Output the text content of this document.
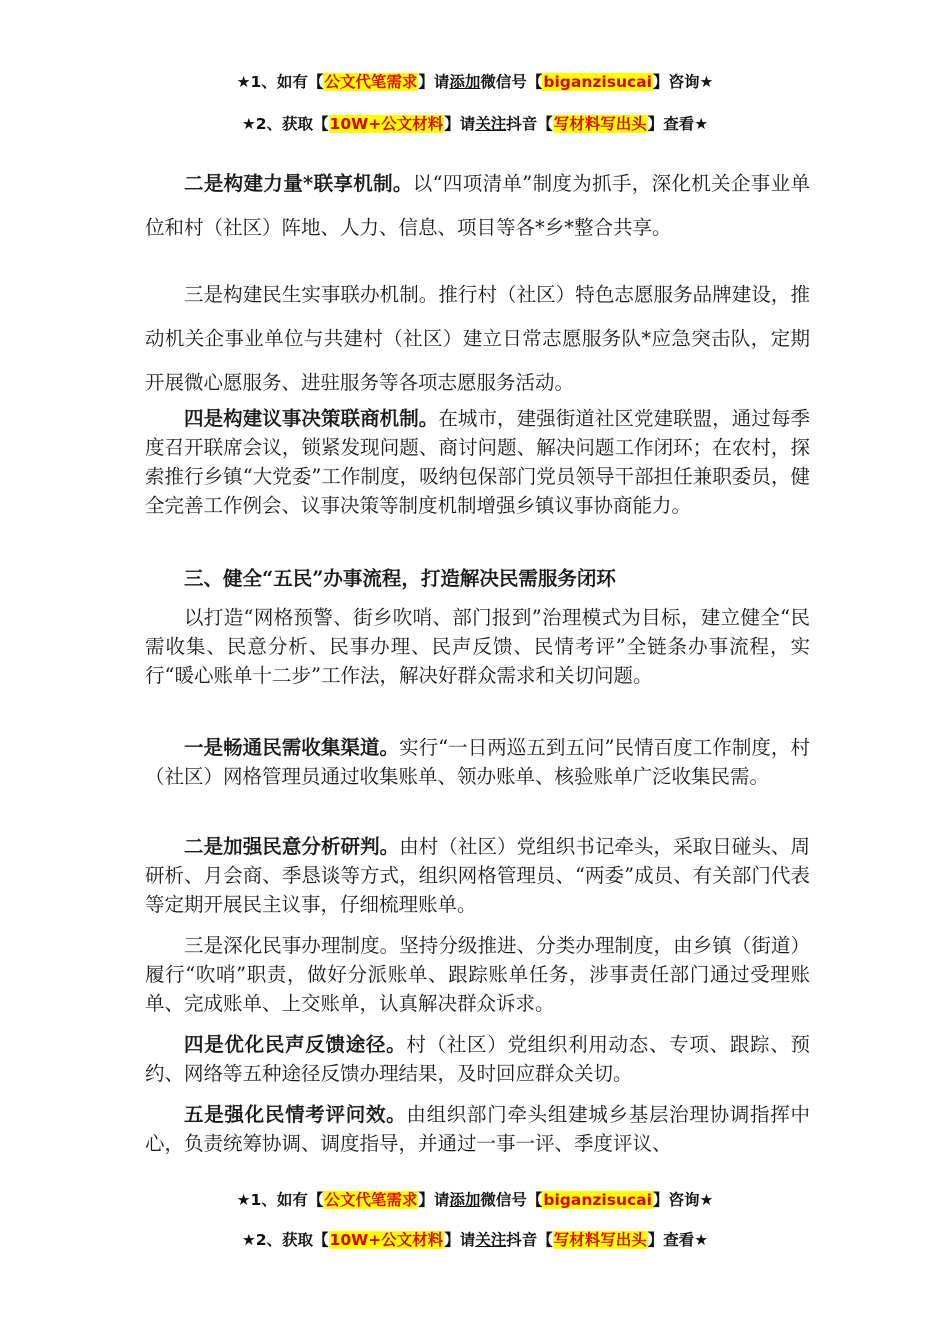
★1、如有【公文代笔需求】请添加微信号【biganzisucai】咨询★
★2、获取【10W+公文材料】请关注抖音【写材料写出头】查看★

二是构建力量*联享机制。以“四项清单”制度为抓手，深化机关企事业单位和村（社区）阵地、人力、信息、项目等各*乡*整合共享。

三是构建民生实事联办机制。推行村（社区）特色志愿服务品牌建设，推动机关企事业单位与共建村（社区）建立日常志愿服务队*应急突击队，定期开展微心愿服务、进驻服务等各项志愿服务活动。

四是构建议事决策联商机制。在城市，建强街道社区党建联盟，通过每季度召开联席会议，锁紧发现问题、商讨问题、解决问题工作闭环；在农村，探索推行乡镇“大党委”工作制度，吸纳包保部门党员领导干部担任兼职委员，健全完善工作例会、议事决策等制度机制增强乡镇议事协商能力。

三、健全“五民”办事流程，打造解决民需服务闭环

以打造“网格预警、街乡吹哨、部门报到”治理模式为目标，建立健全“民需收集、民意分析、民事办理、民声反馈、民情考评”全链条办事流程，实行“暖心账单十二步”工作法，解决好群众需求和关切问题。

一是畅通民需收集渠道。实行“一日两巡五到五问”民情百度工作制度，村（社区）网格管理员通过收集账单、领办账单、核验账单广泛收集民需。

二是加强民意分析研判。由村（社区）党组织书记牵头，采取日碰头、周研析、月会商、季恳谈等方式，组织网格管理员、“两委”成员、有关部门代表等定期开展民主议事，仔细梳理账单。

三是深化民事办理制度。坚持分级推进、分类办理制度，由乡镇（街道）履行“吹哨”职责，做好分派账单、跟踪账单任务，涉事责任部门通过受理账单、完成账单、上交账单，认真解决群众诉求。

四是优化民声反馈途径。村（社区）党组织利用动态、专项、跟踪、预约、网络等五种途径反馈办理结果，及时回应群众关切。

五是强化民情考评问效。由组织部门牵头组建城乡基层治理协调指挥中心，负责统筹协调、调度指导，并通过一事一评、季度评议、

★1、如有【公文代笔需求】请添加微信号【biganzisucai】咨询★
★2、获取【10W+公文材料】请关注抖音【写材料写出头】查看★
